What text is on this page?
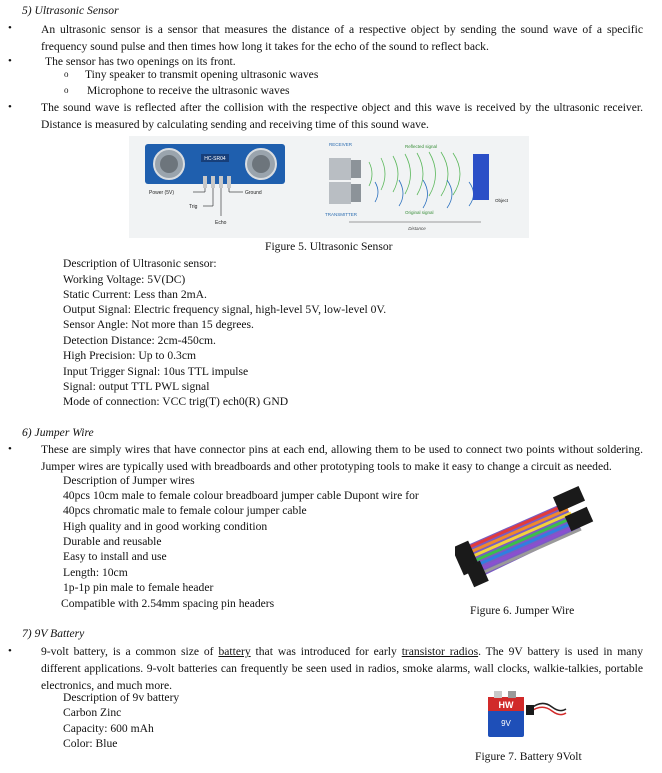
5) Ultrasonic Sensor
•	An ultrasonic sensor is a sensor that measures the distance of a respective object by sending the sound wave of a specific frequency sound pulse and then times how long it takes for the echo of the sound to reflect back.
•	The sensor has two openings on its front.
o Tiny speaker to transmit opening ultrasonic waves
o Microphone to receive the ultrasonic waves
•	The sound wave is reflected after the collision with the respective object and this wave is received by the ultrasonic receiver. Distance is measured by calculating sending and receiving time of this sound wave.
HC-SR04
Power (5V)	Ground
Trig
Echo
RECEIVER	Reflected signal
Object
TRANSMITTER	Original signal
Distance
Figure 5. Ultrasonic Sensor
Description of Ultrasonic sensor:
Working Voltage: 5V(DC)
Static Current: Less than 2mA.
Output Signal: Electric frequency signal, high-level 5V, low-level 0V.
Sensor Angle: Not more than 15 degrees.
Detection Distance: 2cm-450cm.
High Precision: Up to 0.3cm
Input Trigger Signal: 10us TTL impulse
Signal: output TTL PWL signal
Mode of connection: VCC trig(T) ech0(R) GND
6) Jumper Wire
•	These are simply wires that have connector pins at each end, allowing them to be used to connect two points without soldering. Jumper wires are typically used with breadboards and other prototyping tools to make it easy to change a circuit as needed.
Description of Jumper wires
40pcs 10cm male to female colour breadboard jumper cable Dupont wire for
40pcs chromatic male to female colour jumper cable
High quality and in good working condition
Durable and reusable
Easy to install and use
Length: 10cm
1p-1p pin male to female header
Compatible with 2.54mm spacing pin headers
Figure 6. Jumper Wire
7) 9V Battery
•	9-volt battery, is a common size of battery that was introduced for early transistor radios. The 9V battery is used in many different applications. 9-volt batteries can frequently be seen used in radios, smoke alarms, wall clocks, walkie-talkies, portable electronics, and much more.
Description of 9v battery
Carbon Zinc
Capacity: 600 mAh
Color: Blue
HW
9V
Figure 7. Battery 9Volt
